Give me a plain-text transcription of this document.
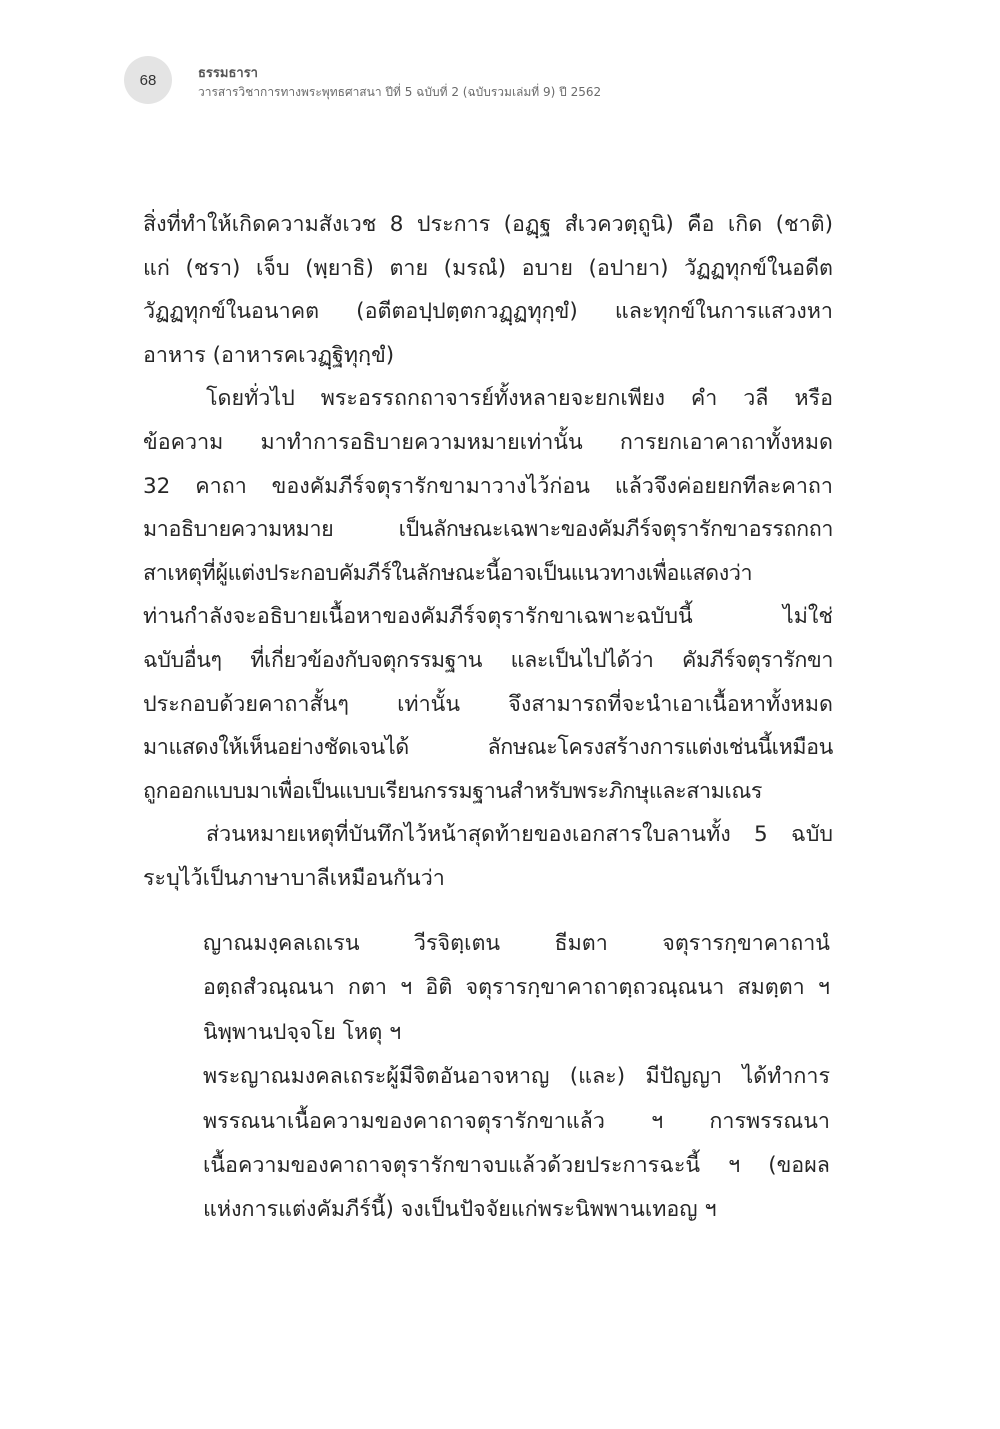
68	ธรรมธารา
วารสารวิชาการทางพระพุทธศาสนา ปีที่ 5 ฉบับที่ 2 (ฉบับรวมเล่มที่ 9) ปี 2562
สิ่งที่ทำให้เกิดความสังเวช 8 ประการ (อฏฺฐ สํเวควตฺถูนิ) คือ เกิด (ชาติ)
แก่ (ชรา) เจ็บ (พฺยาธิ) ตาย (มรณํ) อบาย (อปายา) วัฏฏทุกข์ในอดีต
วัฏฏทุกข์ในอนาคต (อตีตอปฺปตฺตกวฏฺฏทุกฺขํ) และทุกข์ในการแสวงหา
อาหาร (อาหารคเวฏฺฐิทุกฺขํ)
โดยทั่วไป พระอรรถกถาจารย์ทั้งหลายจะยกเพียง คำ วลี หรือ
ข้อความ มาทำการอธิบายความหมายเท่านั้น การยกเอาคาถาทั้งหมด
32 คาถา ของคัมภีร์จตุรารักขามาวางไว้ก่อน แล้วจึงค่อยยกทีละคาถา
มาอธิบายความหมาย เป็นลักษณะเฉพาะของคัมภีร์จตุรารักขาอรรถกถา
สาเหตุที่ผู้แต่งประกอบคัมภีร์ในลักษณะนี้อาจเป็นแนวทางเพื่อแสดงว่า
ท่านกำลังจะอธิบายเนื้อหาของคัมภีร์จตุรารักขาเฉพาะฉบับนี้ ไม่ใช่
ฉบับอื่นๆ ที่เกี่ยวข้องกับจตุกรรมฐาน และเป็นไปได้ว่า คัมภีร์จตุรารักขา
ประกอบด้วยคาถาสั้นๆ เท่านั้น จึงสามารถที่จะนำเอาเนื้อหาทั้งหมด
มาแสดงให้เห็นอย่างชัดเจนได้ ลักษณะโครงสร้างการแต่งเช่นนี้เหมือน
ถูกออกแบบมาเพื่อเป็นแบบเรียนกรรมฐานสำหรับพระภิกษุและสามเณร
ส่วนหมายเหตุที่บันทึกไว้หน้าสุดท้ายของเอกสารใบลานทั้ง 5 ฉบับ
ระบุไว้เป็นภาษาบาลีเหมือนกันว่า
ญาณมงฺคลเถเรน วีรจิตฺเตน ธีมตา จตุรารกฺขาคาถานํ
อตฺถสํวณฺณนา กตา ฯ อิติ จตุรารกฺขาคาถาตฺถวณฺณนา สมตฺตา ฯ
นิพฺพานปจฺจโย โหตุ ฯ
พระญาณมงคลเถระผู้มีจิตอันอาจหาญ (และ) มีปัญญา ได้ทำการ
พรรณนาเนื้อความของคาถาจตุรารักขาแล้ว ฯ การพรรณนา
เนื้อความของคาถาจตุรารักขาจบแล้วด้วยประการฉะนี้ ฯ (ขอผล
แห่งการแต่งคัมภีร์นี้) จงเป็นปัจจัยแก่พระนิพพานเทอญ ฯ
